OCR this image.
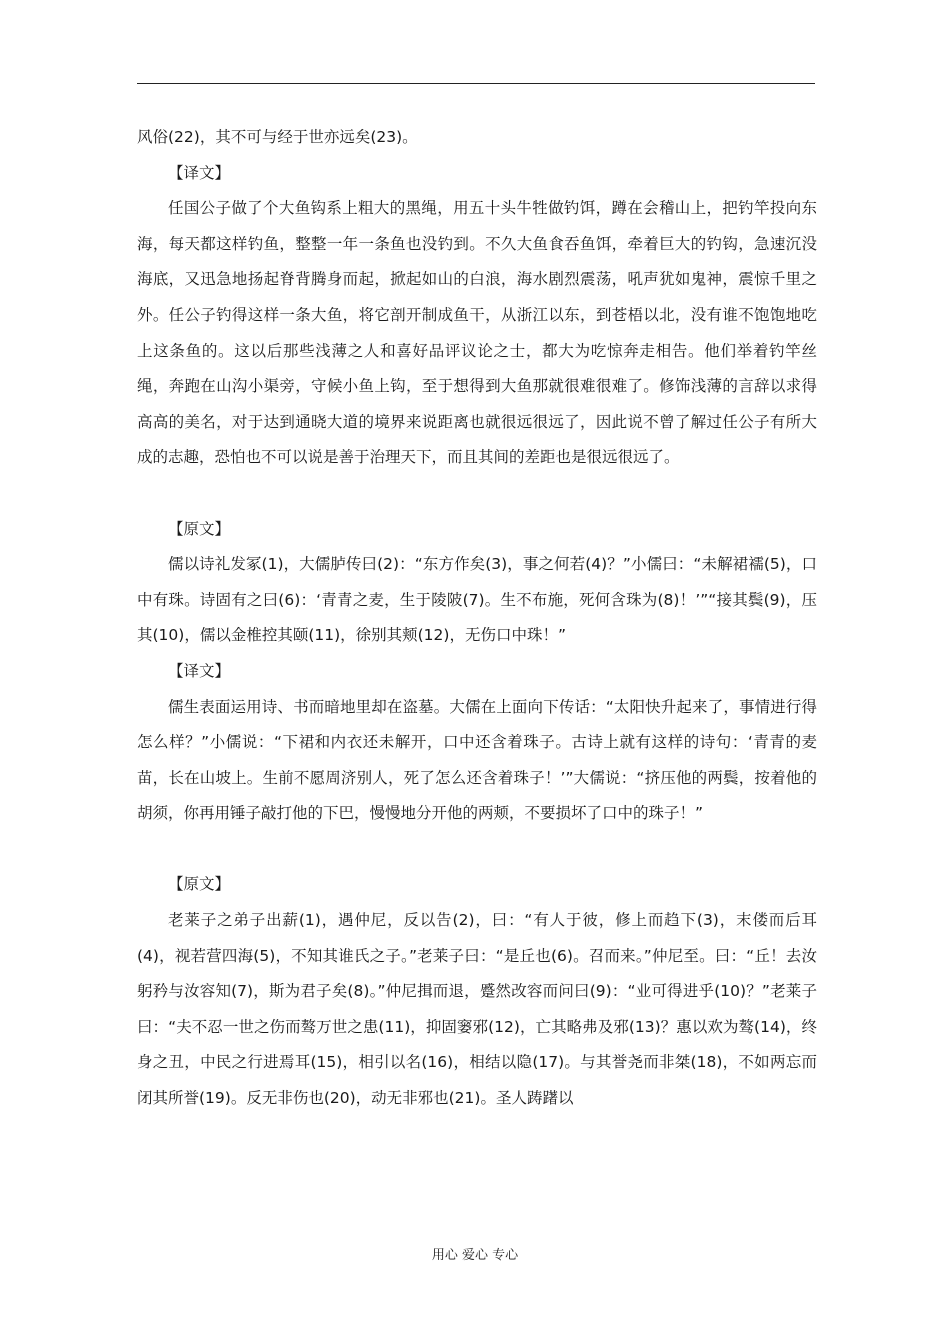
风俗(22)，其不可与经于世亦远矣(23)。

【译文】

任国公子做了个大鱼钩系上粗大的黑绳，用五十头牛牲做钓饵，蹲在会稽山上，把钓竿投向东海，每天都这样钓鱼，整整一年一条鱼也没钓到。不久大鱼食吞鱼饵，牵着巨大的钓钩，急速沉没海底，又迅急地扬起脊背腾身而起，掀起如山的白浪，海水剧烈震荡，吼声犹如鬼神，震惊千里之外。任公子钓得这样一条大鱼，将它剖开制成鱼干，从浙江以东，到苍梧以北，没有谁不饱饱地吃上这条鱼的。这以后那些浅薄之人和喜好品评议论之士，都大为吃惊奔走相告。他们举着钓竿丝绳，奔跑在山沟小渠旁，守候小鱼上钩，至于想得到大鱼那就很难很难了。修饰浅薄的言辞以求得高高的美名，对于达到通晓大道的境界来说距离也就很远很远了，因此说不曾了解过任公子有所大成的志趣，恐怕也不可以说是善于治理天下，而且其间的差距也是很远很远了。

【原文】

儒以诗礼发冢(1)，大儒胪传曰(2)：“东方作矣(3)，事之何若(4)？”小儒曰：“未解裙襦(5)，口中有珠。诗固有之曰(6)：‘青青之麦，生于陵陂(7)。生不布施，死何含珠为(8)！’”“接其鬓(9)，压其(10)，儒以金椎控其颐(11)，徐别其颊(12)，无伤口中珠！”

【译文】

儒生表面运用诗、书而暗地里却在盗墓。大儒在上面向下传话：“太阳快升起来了，事情进行得怎么样？”小儒说：“下裙和内衣还未解开，口中还含着珠子。古诗上就有这样的诗句：‘青青的麦苗，长在山坡上。生前不愿周济别人，死了怎么还含着珠子！’”大儒说：“挤压他的两鬓，按着他的胡须，你再用锤子敲打他的下巴，慢慢地分开他的两颊，不要损坏了口中的珠子！”

【原文】

老莱子之弟子出薪(1)，遇仲尼，反以告(2)，曰：“有人于彼，修上而趋下(3)，末偻而后耳(4)，视若营四海(5)，不知其谁氏之子。”老莱子曰：“是丘也(6)。召而来。”仲尼至。曰：“丘！去汝躬矜与汝容知(7)，斯为君子矣(8)。”仲尼揖而退，蹙然改容而问曰(9)：“业可得进乎(10)？”老莱子曰：“夫不忍一世之伤而骜万世之患(11)，抑固窭邪(12)，亡其略弗及邪(13)？惠以欢为骜(14)，终身之丑，中民之行进焉耳(15)，相引以名(16)，相结以隐(17)。与其誉尧而非桀(18)，不如两忘而闭其所誉(19)。反无非伤也(20)，动无非邪也(21)。圣人踌躇以

用心 爱心 专心
